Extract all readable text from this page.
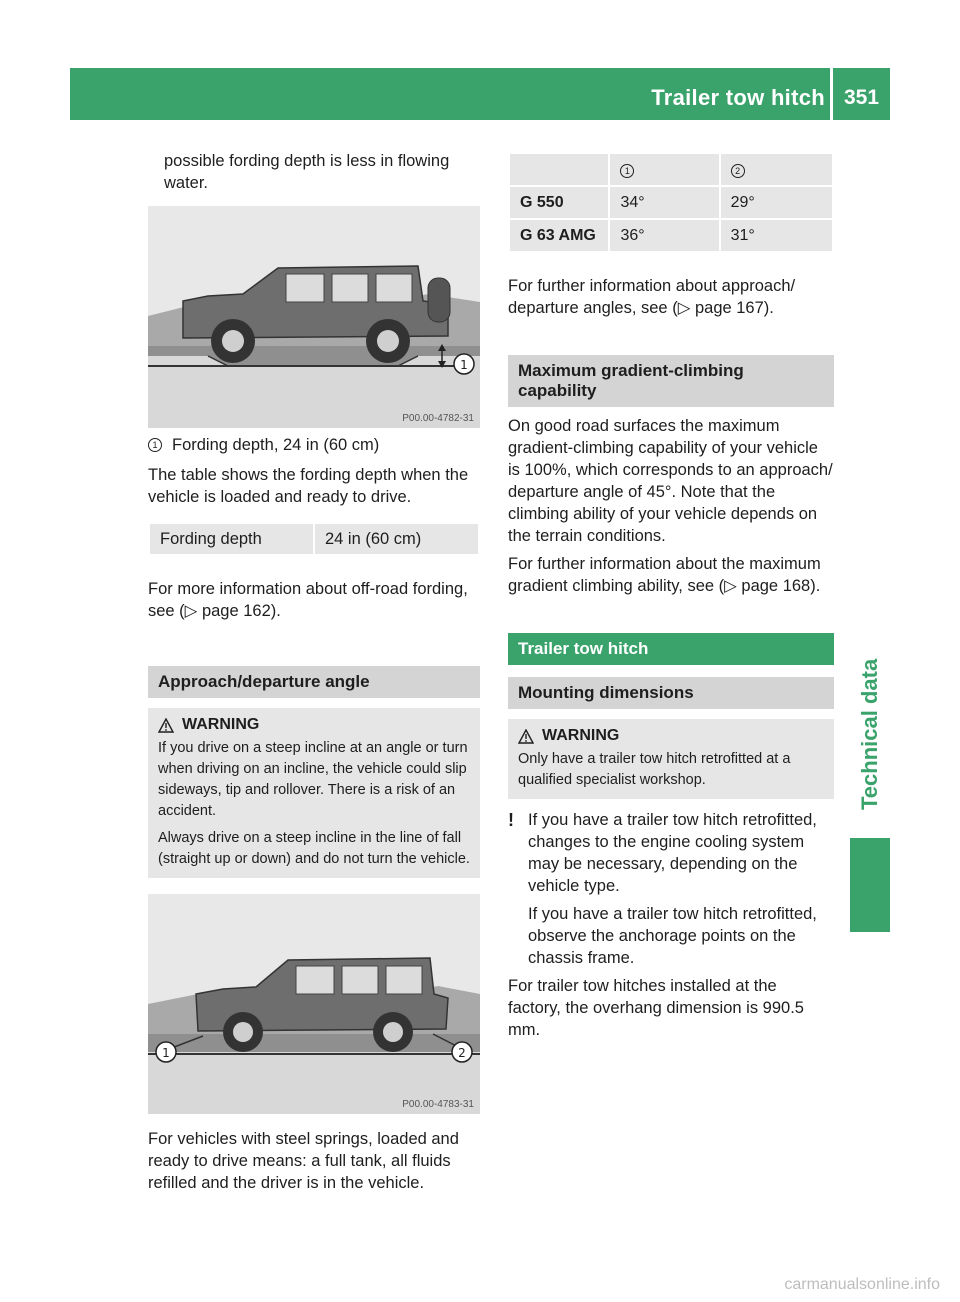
Trailer tow hitch 351
Technical data

possible fording depth is less in flowing water.

1
P00.00-4782-31
1 Fording depth, 24 in (60 cm)

The table shows the fording depth when the vehicle is loaded and ready to drive.

Fording depth	24 in (60 cm)

For more information about off-road fording, see (▷ page 162).

Approach/departure angle
WARNING

If you drive on a steep incline at an angle or turn when driving on an incline, the vehicle could slip sideways, tip and rollover. There is a risk of an accident.

Always drive on a steep incline in the line of fall (straight up or down) and do not turn the vehicle.

1	2
P00.00-4783-31

For vehicles with steel springs, loaded and ready to drive means: a full tank, all fluids refilled and the driver is in the vehicle.

	1	2
G 550	34°	29°
G 63 AMG	36°	31°

For further information about approach/ departure angles, see (▷ page 167).

Maximum gradient-climbing capability

On good road surfaces the maximum gradient-climbing capability of your vehicle is 100%, which corresponds to an approach/ departure angle of 45°. Note that the climbing ability of your vehicle depends on the terrain conditions.

For further information about the maximum gradient climbing ability, see (▷ page 168).

Trailer tow hitch
Mounting dimensions
WARNING

Only have a trailer tow hitch retrofitted at a qualified specialist workshop.

! If you have a trailer tow hitch retrofitted, changes to the engine cooling system may be necessary, depending on the vehicle type.

If you have a trailer tow hitch retrofitted, observe the anchorage points on the chassis frame.

For trailer tow hitches installed at the factory, the overhang dimension is 990.5 mm.

carmanualsonline.info
